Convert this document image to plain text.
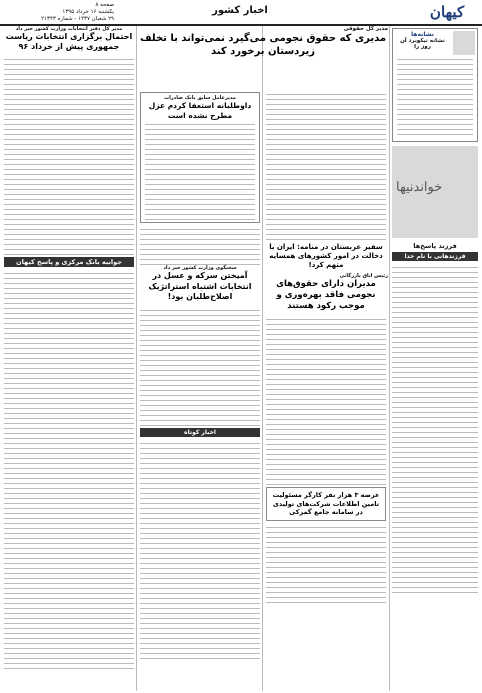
کیهان
اخبار کشور
صفحه ۸
یکشنبه ۱۶ خرداد ۱۳۹۵
۲۹ شعبان ۱۴۳۷ - شماره ۲۱۳۴۳
نشانه‌ها
نشانه نیکوبرد آن روز را
خواندنیها
فرزند پاسخ‌ها
فرزندهانی با نام خدا
مدیر کل حقوقی
مدیری که حقوق نجومی می‌گیرد نمی‌تواند با تخلف زیردستان برخورد کند
سفیر عربستان در منامه: ایران با دخالت در امور کشورهای همسایه متهم کرد!
رئیس اتاق بازرگانی
مدیران دارای حقوق‌های نجومی فاقد بهره‌وری و موجب رکود هستند
عرضه ۳ هزار نفر کارگر مسئولیت تامین اطلاعات شرکت‌های تولیدی در سامانه جامع گمرکی
مدیرعامل سابق بانک صادرات
داوطلبانه استعفا کردم عزل مطرح نشده است
سخنگوی وزارت کشور خبر داد
آمیختن سرکه و عسل در انتخابات اشتباه استراتژیک اصلاح‌طلبان بود!
اخبار کوتاه
مدیر کل دفتر انتخابات وزارت کشور خبر داد
احتمال برگزاری انتخابات ریاست جمهوری پیش از خرداد ۹۶
جوابیه بانک مرکزی و پاسخ کیهان
